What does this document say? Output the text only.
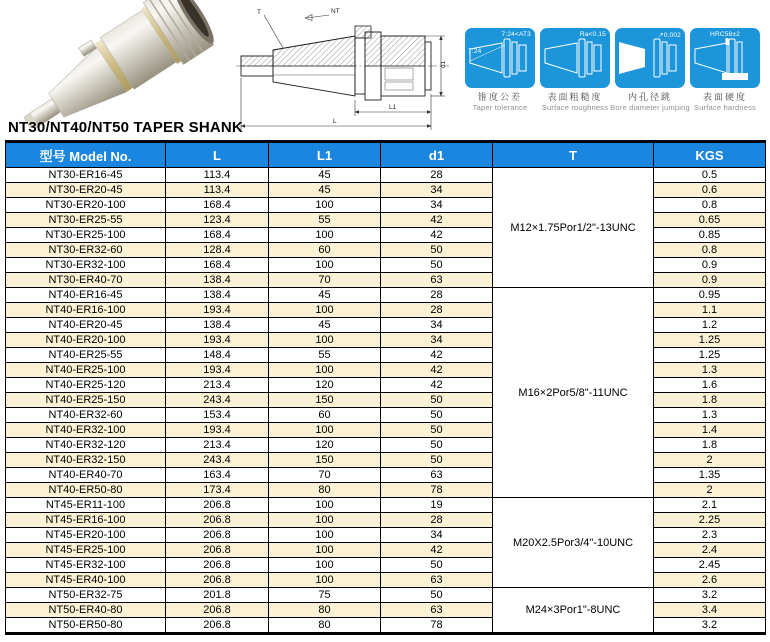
T	NT
L1
L
d1
7:24<AT3
7:24
锥度公差
Taper tolerance
Ra<0.15
表面粗糙度
Surface roughness
↗0.002
内孔径跳
Bore diameter jumping
HRC58±2
表面硬度
Surface hardness
NT30/NT40/NT50 TAPER SHANK
型号 Model No.	L	L1	d1	T	KGS
NT30-ER16-45	113.4	45	28	M12×1.75Por1/2"-13UNC	0.5
NT30-ER20-45	113.4	45	34		0.6
NT30-ER20-100	168.4	100	34		0.8
NT30-ER25-55	123.4	55	42		0.65
NT30-ER25-100	168.4	100	42		0.85
NT30-ER32-60	128.4	60	50		0.8
NT30-ER32-100	168.4	100	50		0.9
NT30-ER40-70	138.4	70	63		0.9
NT40-ER16-45	138.4	45	28	M16×2Por5/8"-11UNC	0.95
NT40-ER16-100	193.4	100	28		1.1
NT40-ER20-45	138.4	45	34		1.2
NT40-ER20-100	193.4	100	34		1.25
NT40-ER25-55	148.4	55	42		1.25
NT40-ER25-100	193.4	100	42		1.3
NT40-ER25-120	213.4	120	42		1.6
NT40-ER25-150	243.4	150	50		1.8
NT40-ER32-60	153.4	60	50		1.3
NT40-ER32-100	193.4	100	50		1.4
NT40-ER32-120	213.4	120	50		1.8
NT40-ER32-150	243.4	150	50		2
NT40-ER40-70	163.4	70	63		1.35
NT40-ER50-80	173.4	80	78		2
NT45-ER11-100	206.8	100	19	M20X2.5Por3/4"-10UNC	2.1
NT45-ER16-100	206.8	100	28		2.25
NT45-ER20-100	206.8	100	34		2.3
NT45-ER25-100	206.8	100	42		2.4
NT45-ER32-100	206.8	100	50		2.45
NT45-ER40-100	206.8	100	63		2.6
NT50-ER32-75	201.8	75	50	M24×3Por1"-8UNC	3.2
NT50-ER40-80	206.8	80	63		3.4
NT50-ER50-80	206.8	80	78		3.2
